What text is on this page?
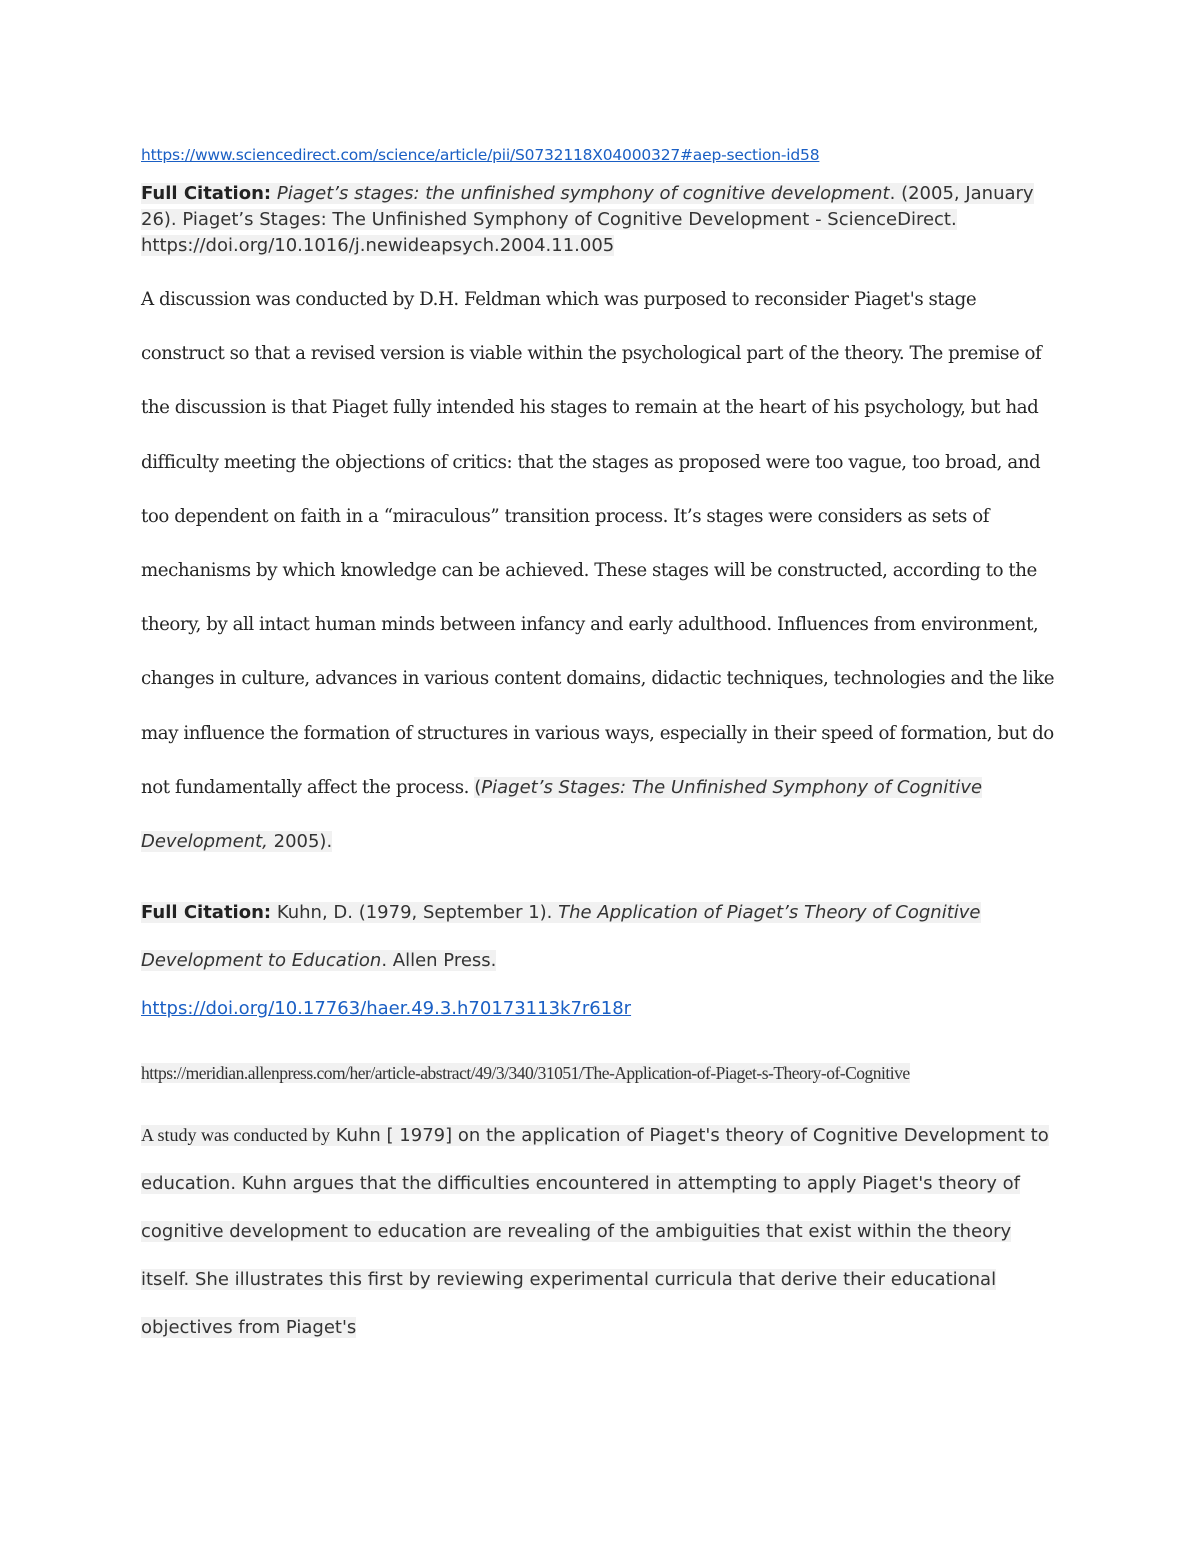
https://www.sciencedirect.com/science/article/pii/S0732118X04000327#aep-section-id58

Full Citation: Piaget’s stages: the unfinished symphony of cognitive development. (2005, January 26). Piaget’s Stages: The Unfinished Symphony of Cognitive Development - ScienceDirect. https://doi.org/10.1016/j.newideapsych.2004.11.005

A discussion was conducted by D.H. Feldman which was purposed to reconsider Piaget's stage construct so that a revised version is viable within the psychological part of the theory. The premise of the discussion is that Piaget fully intended his stages to remain at the heart of his psychology, but had difficulty meeting the objections of critics: that the stages as proposed were too vague, too broad, and too dependent on faith in a “miraculous” transition process. It’s stages were considers as sets of mechanisms by which knowledge can be achieved. These stages will be constructed, according to the theory, by all intact human minds between infancy and early adulthood. Influences from environment, changes in culture, advances in various content domains, didactic techniques, technologies and the like may influence the formation of structures in various ways, especially in their speed of formation, but do not fundamentally affect the process. (Piaget’s Stages: The Unfinished Symphony of Cognitive Development, 2005).

Full Citation: Kuhn, D. (1979, September 1). The Application of Piaget’s Theory of Cognitive Development to Education. Allen Press.
https://doi.org/10.17763/haer.49.3.h70173113k7r618r

https://meridian.allenpress.com/her/article-abstract/49/3/340/31051/The-Application-of-Piaget-s-Theory-of-Cognitive

A study was conducted by Kuhn [ 1979] on the application of Piaget's theory of Cognitive Development to education. Kuhn argues that the difficulties encountered in attempting to apply Piaget's theory of cognitive development to education are revealing of the ambiguities that exist within the theory itself. She illustrates this first by reviewing experimental curricula that derive their educational objectives from Piaget's
